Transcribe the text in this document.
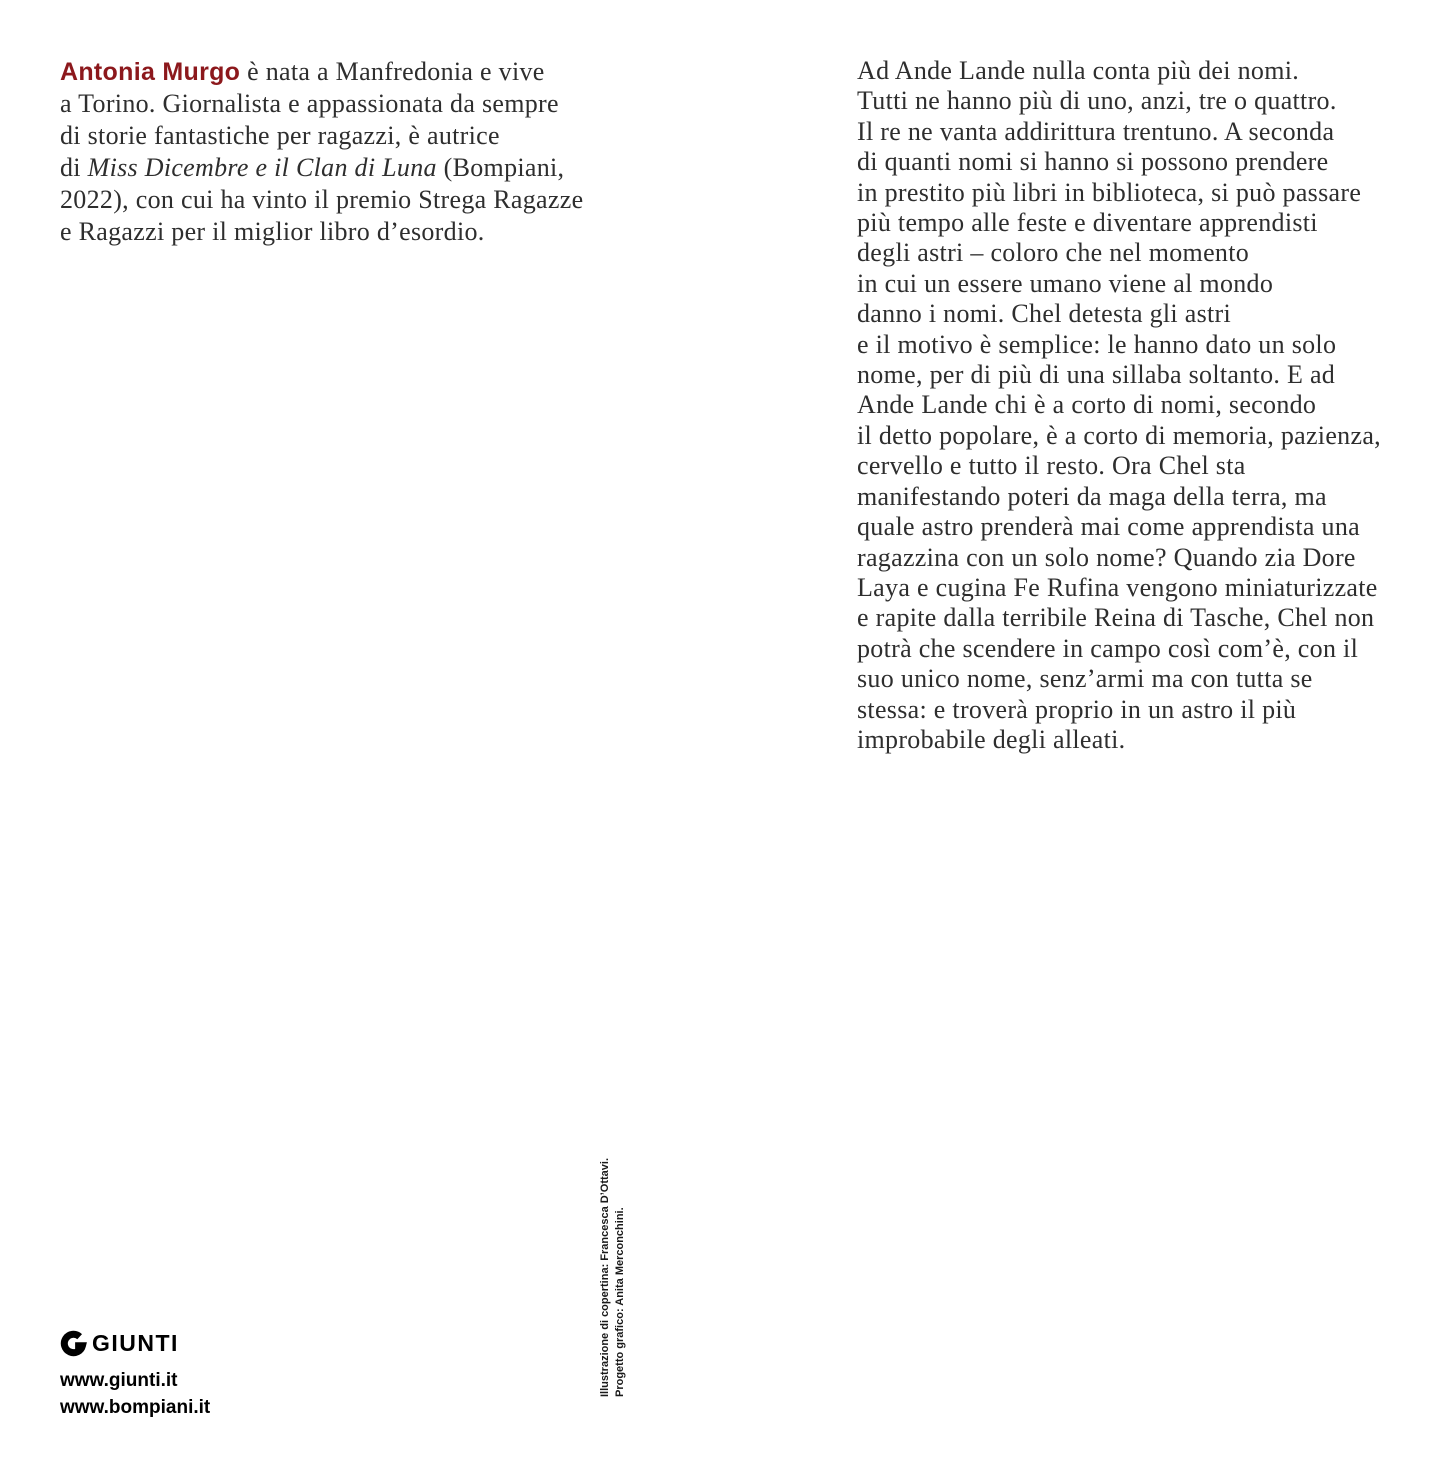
Antonia Murgo è nata a Manfredonia e vive
a Torino. Giornalista e appassionata da sempre
di storie fantastiche per ragazzi, è autrice
di Miss Dicembre e il Clan di Luna (Bompiani,
2022), con cui ha vinto il premio Strega Ragazze
e Ragazzi per il miglior libro d’esordio.
Ad Ande Lande nulla conta più dei nomi.
Tutti ne hanno più di uno, anzi, tre o quattro.
Il re ne vanta addirittura trentuno. A seconda
di quanti nomi si hanno si possono prendere
in prestito più libri in biblioteca, si può passare
più tempo alle feste e diventare apprendisti
degli astri – coloro che nel momento
in cui un essere umano viene al mondo
danno i nomi. Chel detesta gli astri
e il motivo è semplice: le hanno dato un solo
nome, per di più di una sillaba soltanto. E ad
Ande Lande chi è a corto di nomi, secondo
il detto popolare, è a corto di memoria, pazienza,
cervello e tutto il resto. Ora Chel sta
manifestando poteri da maga della terra, ma
quale astro prenderà mai come apprendista una
ragazzina con un solo nome? Quando zia Dore
Laya e cugina Fe Rufina vengono miniaturizzate
e rapite dalla terribile Reina di Tasche, Chel non
potrà che scendere in campo così com’è, con il
suo unico nome, senz’armi ma con tutta se
stessa: e troverà proprio in un astro il più
improbabile degli alleati.
Illustrazione di copertina: Francesca D’Ottavi. Progetto grafico: Anita Merconchini.
GIUNTI
www.giunti.it
www.bompiani.it
